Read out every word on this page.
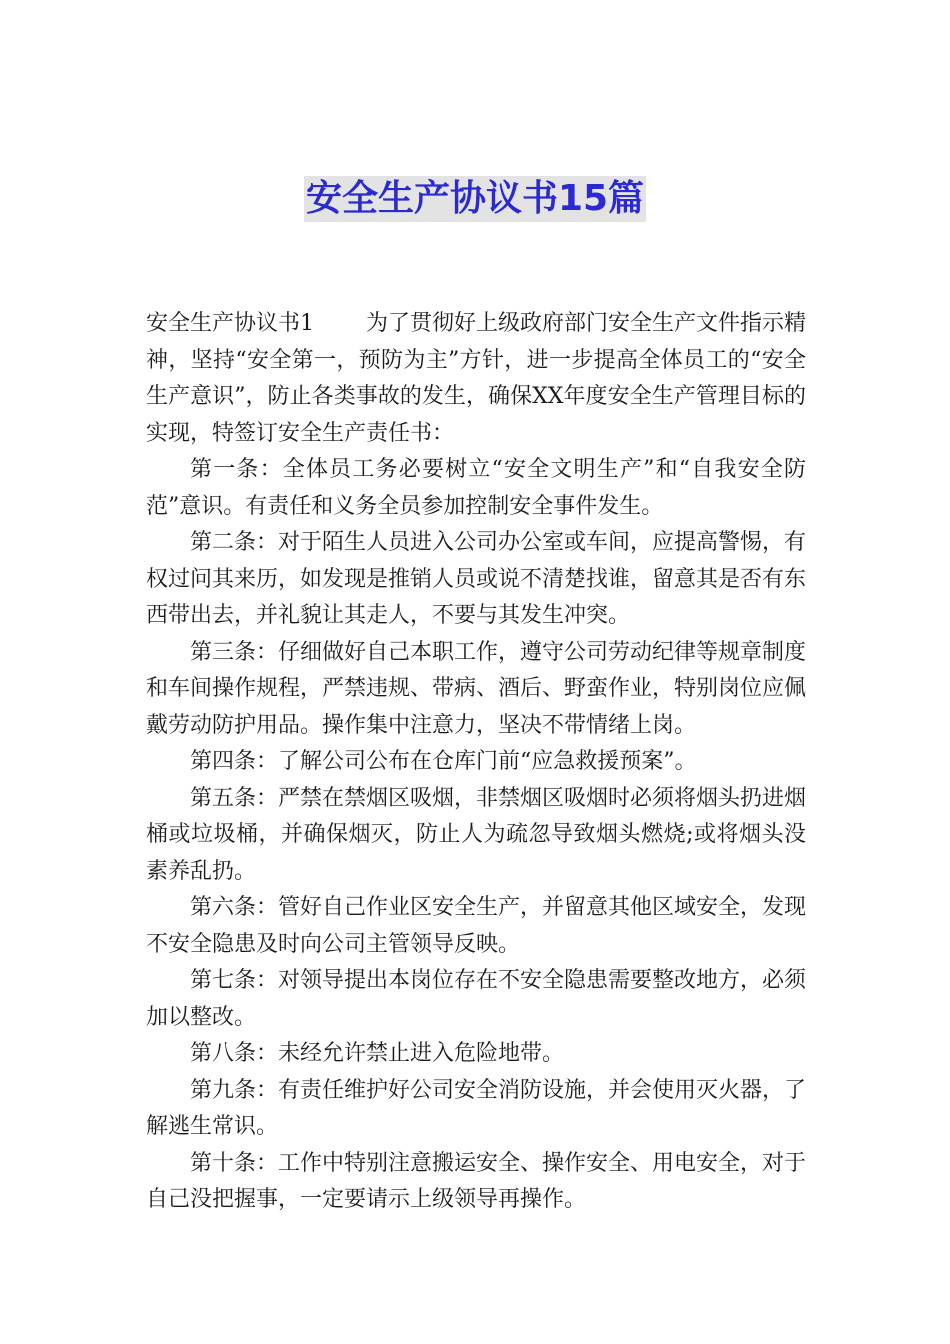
安全生产协议书15篇

安全生产协议书1 为了贯彻好上级政府部门安全生产文件指示精神，坚持“安全第一，预防为主”方针，进一步提高全体员工的“安全生产意识”，防止各类事故的发生，确保XX年度安全生产管理目标的实现，特签订安全生产责任书：

第一条：全体员工务必要树立“安全文明生产”和“自我安全防范”意识。有责任和义务全员参加控制安全事件发生。

第二条：对于陌生人员进入公司办公室或车间，应提高警惕，有权过问其来历，如发现是推销人员或说不清楚找谁，留意其是否有东西带出去，并礼貌让其走人，不要与其发生冲突。

第三条：仔细做好自己本职工作，遵守公司劳动纪律等规章制度和车间操作规程，严禁违规、带病、酒后、野蛮作业，特别岗位应佩戴劳动防护用品。操作集中注意力，坚决不带情绪上岗。

第四条：了解公司公布在仓库门前“应急救援预案”。

第五条：严禁在禁烟区吸烟，非禁烟区吸烟时必须将烟头扔进烟桶或垃圾桶，并确保烟灭，防止人为疏忽导致烟头燃烧;或将烟头没素养乱扔。

第六条：管好自己作业区安全生产，并留意其他区域安全，发现不安全隐患及时向公司主管领导反映。

第七条：对领导提出本岗位存在不安全隐患需要整改地方，必须加以整改。

第八条：未经允许禁止进入危险地带。

第九条：有责任维护好公司安全消防设施，并会使用灭火器，了解逃生常识。

第十条：工作中特别注意搬运安全、操作安全、用电安全，对于自己没把握事，一定要请示上级领导再操作。
